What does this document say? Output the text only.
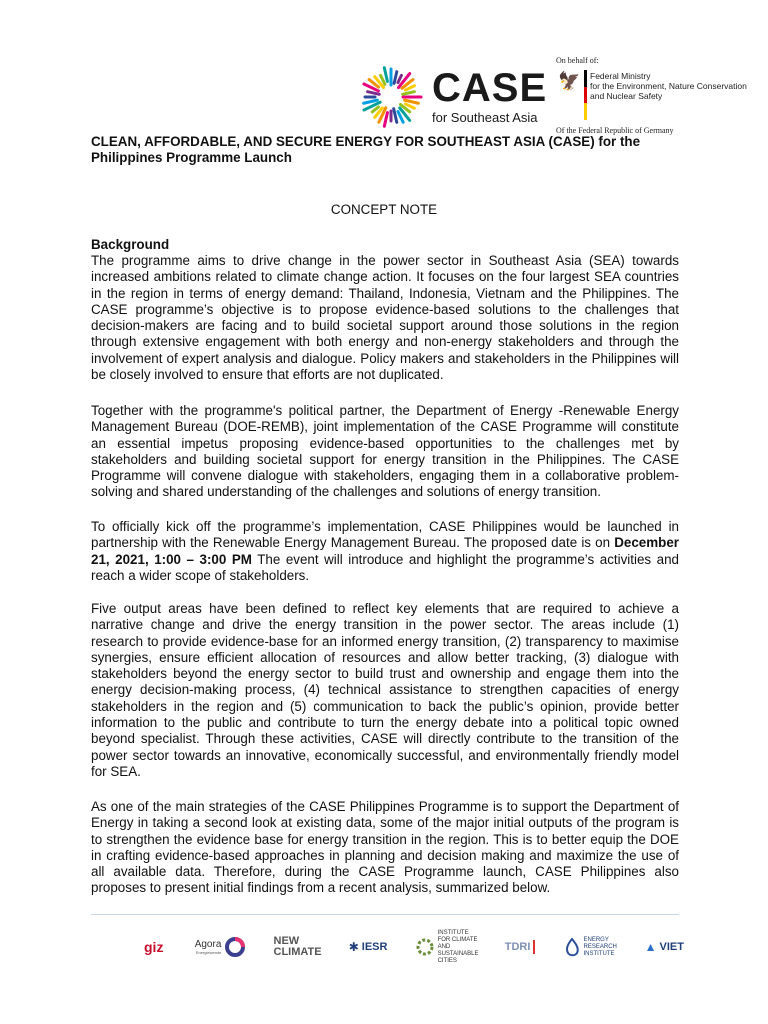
CASE
for Southeast Asia
On behalf of:
🦅 Federal Ministry
for the Environment, Nature Conservation
and Nuclear Safety
Of the Federal Republic of Germany
CLEAN, AFFORDABLE, AND SECURE ENERGY FOR SOUTHEAST ASIA (CASE) for the Philippines Programme Launch
CONCEPT NOTE
Background

The programme aims to drive change in the power sector in Southeast Asia (SEA) towards increased ambitions related to climate change action. It focuses on the four largest SEA countries in the region in terms of energy demand: Thailand, Indonesia, Vietnam and the Philippines. The CASE programme’s objective is to propose evidence-based solutions to the challenges that decision-makers are facing and to build societal support around those solutions in the region through extensive engagement with both energy and non-energy stakeholders and through the involvement of expert analysis and dialogue. Policy makers and stakeholders in the Philippines will be closely involved to ensure that efforts are not duplicated.

Together with the programme's political partner, the Department of Energy -Renewable Energy Management Bureau (DOE-REMB), joint implementation of the CASE Programme will constitute an essential impetus proposing evidence-based opportunities to the challenges met by stakeholders and building societal support for energy transition in the Philippines. The CASE Programme will convene dialogue with stakeholders, engaging them in a collaborative problem-solving and shared understanding of the challenges and solutions of energy transition.

To officially kick off the programme’s implementation, CASE Philippines would be launched in partnership with the Renewable Energy Management Bureau. The proposed date is on December 21, 2021, 1:00 – 3:00 PM The event will introduce and highlight the programme’s activities and reach a wider scope of stakeholders.

Five output areas have been defined to reflect key elements that are required to achieve a narrative change and drive the energy transition in the power sector. The areas include (1) research to provide evidence-base for an informed energy transition, (2) transparency to maximise synergies, ensure efficient allocation of resources and allow better tracking, (3) dialogue with stakeholders beyond the energy sector to build trust and ownership and engage them into the energy decision-making process, (4) technical assistance to strengthen capacities of energy stakeholders in the region and (5) communication to back the public’s opinion, provide better information to the public and contribute to turn the energy debate into a political topic owned beyond specialist. Through these activities, CASE will directly contribute to the transition of the power sector towards an innovative, economically successful, and environmentally friendly model for SEA.

As one of the main strategies of the CASE Philippines Programme is to support the Department of Energy in taking a second look at existing data, some of the major initial outputs of the program is to strengthen the evidence base for energy transition in the region. This is to better equip the DOE in crafting evidence-based approaches in planning and decision making and maximize the use of all available data. Therefore, during the CASE Programme launch, CASE Philippines also proposes to present initial findings from a recent analysis, summarized below.

giz
	Agora
Energiewende
NEW
CLIMATE ✱ IESR
INSTITUTE FOR CLIMATE AND SUSTAINABLE CITIES
TDRI
ENERGY RESEARCH INSTITUTE	▲ VIET
